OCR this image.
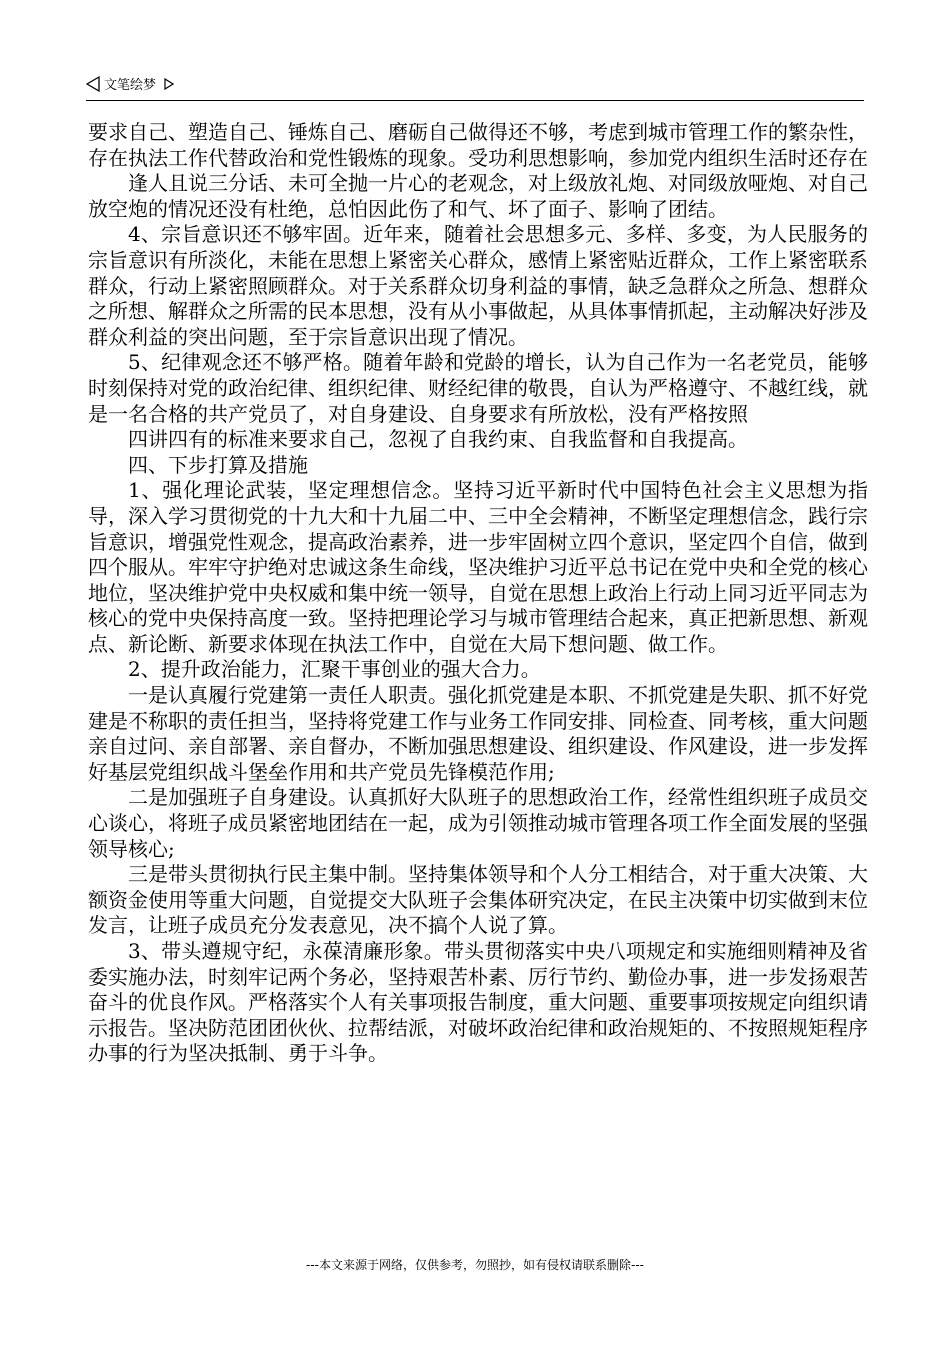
文笔绘梦

要求自己、塑造自己、锤炼自己、磨砺自己做得还不够，考虑到城市管理工作的繁杂性，存在执法工作代替政治和党性锻炼的现象。受功利思想影响，参加党内组织生活时还存在

逢人且说三分话、未可全抛一片心的老观念，对上级放礼炮、对同级放哑炮、对自己放空炮的情况还没有杜绝，总怕因此伤了和气、坏了面子、影响了团结。

4、宗旨意识还不够牢固。近年来，随着社会思想多元、多样、多变，为人民服务的宗旨意识有所淡化，未能在思想上紧密关心群众，感情上紧密贴近群众，工作上紧密联系群众，行动上紧密照顾群众。对于关系群众切身利益的事情，缺乏急群众之所急、想群众之所想、解群众之所需的民本思想，没有从小事做起，从具体事情抓起，主动解决好涉及群众利益的突出问题，至于宗旨意识出现了情况。

5、纪律观念还不够严格。随着年龄和党龄的增长，认为自己作为一名老党员，能够时刻保持对党的政治纪律、组织纪律、财经纪律的敬畏，自认为严格遵守、不越红线，就是一名合格的共产党员了，对自身建设、自身要求有所放松，没有严格按照

四讲四有的标准来要求自己，忽视了自我约束、自我监督和自我提高。

四、下步打算及措施

1、强化理论武装，坚定理想信念。坚持习近平新时代中国特色社会主义思想为指导，深入学习贯彻党的十九大和十九届二中、三中全会精神，不断坚定理想信念，践行宗旨意识，增强党性观念，提高政治素养，进一步牢固树立四个意识，坚定四个自信，做到四个服从。牢牢守护绝对忠诚这条生命线，坚决维护习近平总书记在党中央和全党的核心地位，坚决维护党中央权威和集中统一领导，自觉在思想上政治上行动上同习近平同志为核心的党中央保持高度一致。坚持把理论学习与城市管理结合起来，真正把新思想、新观点、新论断、新要求体现在执法工作中，自觉在大局下想问题、做工作。

2、提升政治能力，汇聚干事创业的强大合力。

一是认真履行党建第一责任人职责。强化抓党建是本职、不抓党建是失职、抓不好党建是不称职的责任担当，坚持将党建工作与业务工作同安排、同检查、同考核，重大问题亲自过问、亲自部署、亲自督办，不断加强思想建设、组织建设、作风建设，进一步发挥好基层党组织战斗堡垒作用和共产党员先锋模范作用;

二是加强班子自身建设。认真抓好大队班子的思想政治工作，经常性组织班子成员交心谈心，将班子成员紧密地团结在一起，成为引领推动城市管理各项工作全面发展的坚强领导核心;

三是带头贯彻执行民主集中制。坚持集体领导和个人分工相结合，对于重大决策、大额资金使用等重大问题，自觉提交大队班子会集体研究决定，在民主决策中切实做到末位发言，让班子成员充分发表意见，决不搞个人说了算。

3、带头遵规守纪，永葆清廉形象。带头贯彻落实中央八项规定和实施细则精神及省委实施办法，时刻牢记两个务必，坚持艰苦朴素、厉行节约、勤俭办事，进一步发扬艰苦奋斗的优良作风。严格落实个人有关事项报告制度，重大问题、重要事项按规定向组织请示报告。坚决防范团团伙伙、拉帮结派，对破坏政治纪律和政治规矩的、不按照规矩程序办事的行为坚决抵制、勇于斗争。

---本文来源于网络，仅供参考，勿照抄，如有侵权请联系删除---
